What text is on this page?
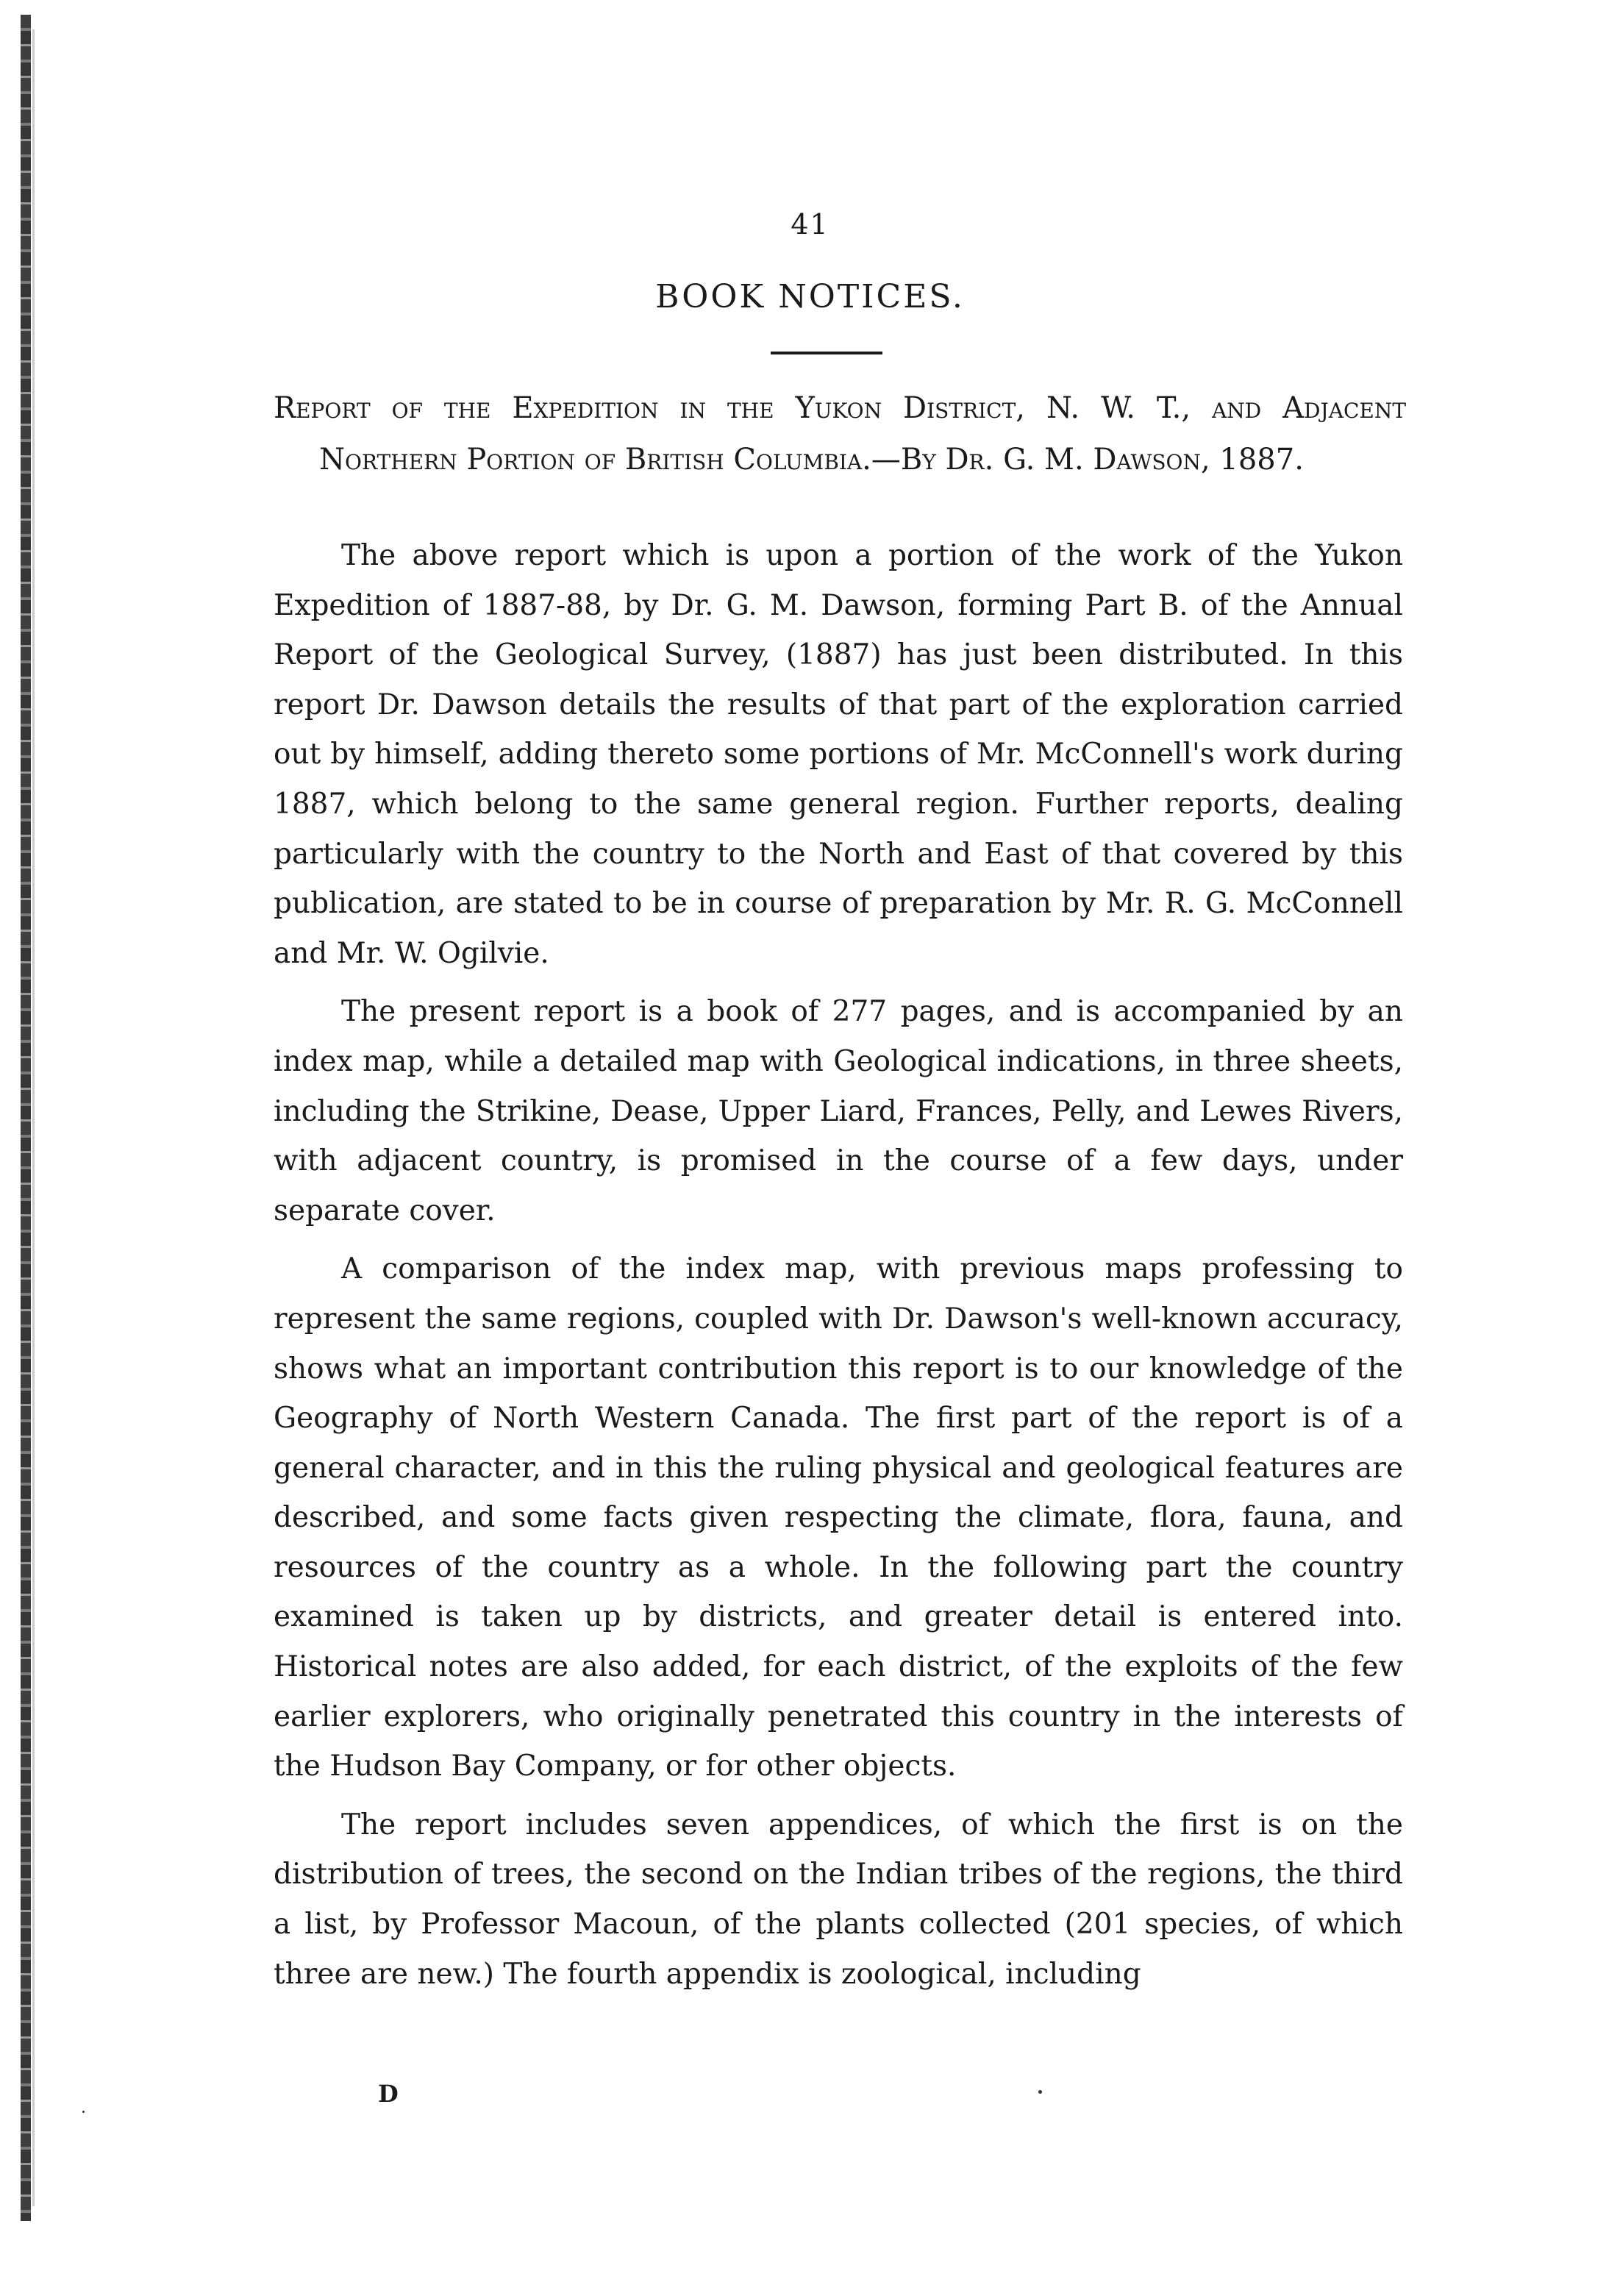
41
BOOK NOTICES.
Report of the Expedition in the Yukon District, N. W. T., and Adjacent Northern Portion of British Columbia.—By Dr. G. M. Dawson, 1887.

The above report which is upon a portion of the work of the Yukon Expedition of 1887-88, by Dr. G. M. Dawson, forming Part B. of the Annual Report of the Geological Survey, (1887) has just been distributed. In this report Dr. Dawson details the results of that part of the exploration carried out by himself, adding thereto some portions of Mr. McConnell's work during 1887, which belong to the same general region. Further reports, dealing particularly with the country to the North and East of that covered by this publication, are stated to be in course of preparation by Mr. R. G. McConnell and Mr. W. Ogilvie.

The present report is a book of 277 pages, and is accompanied by an index map, while a detailed map with Geological indications, in three sheets, including the Strikine, Dease, Upper Liard, Frances, Pelly, and Lewes Rivers, with adjacent country, is promised in the course of a few days, under separate cover.

A comparison of the index map, with previous maps professing to represent the same regions, coupled with Dr. Dawson's well-known accuracy, shows what an important contribution this report is to our knowledge of the Geography of North Western Canada. The first part of the report is of a general character, and in this the ruling physical and geological features are described, and some facts given respecting the climate, flora, fauna, and resources of the country as a whole. In the following part the country examined is taken up by districts, and greater detail is entered into. Historical notes are also added, for each district, of the exploits of the few earlier explorers, who originally penetrated this country in the interests of the Hudson Bay Company, or for other objects.

The report includes seven appendices, of which the first is on the distribution of trees, the second on the Indian tribes of the regions, the third a list, by Professor Macoun, of the plants collected (201 species, of which three are new.) The fourth appendix is zoological, including

D
